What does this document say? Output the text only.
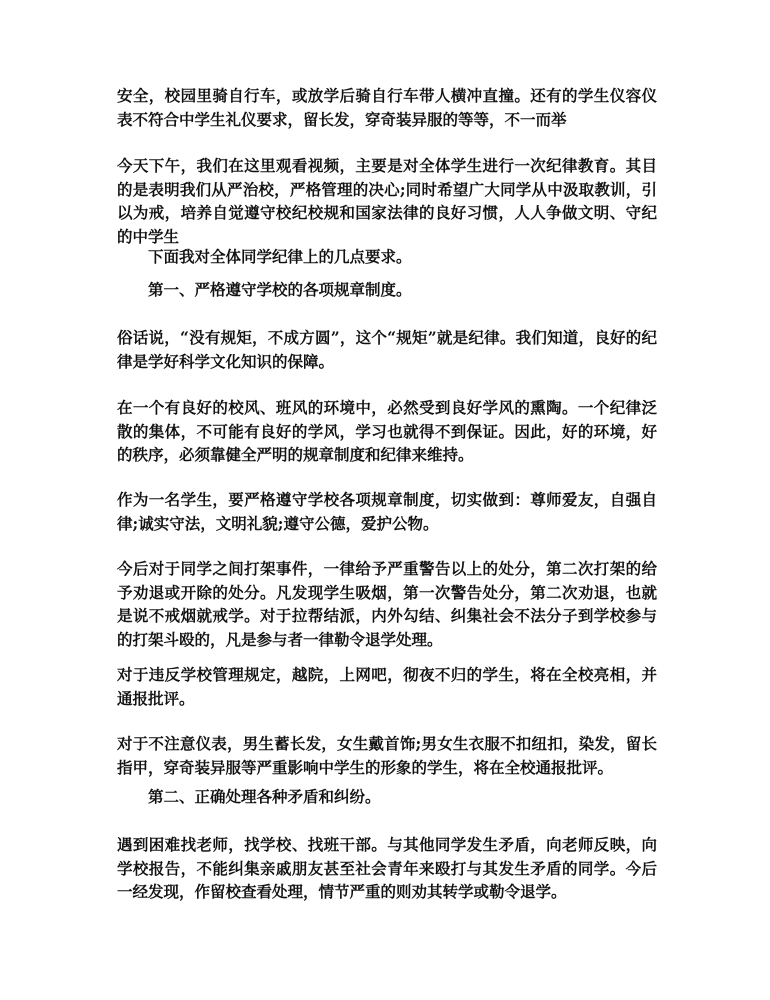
安全，校园里骑自行车，或放学后骑自行车带人横冲直撞。还有的学生仪容仪表不符合中学生礼仪要求，留长发，穿奇装异服的等等，不一而举

今天下午，我们在这里观看视频，主要是对全体学生进行一次纪律教育。其目的是表明我们从严治校，严格管理的决心;同时希望广大同学从中汲取教训，引以为戒，培养自觉遵守校纪校规和国家法律的良好习惯，人人争做文明、守纪的中学生

下面我对全体同学纪律上的几点要求。

第一、严格遵守学校的各项规章制度。

俗话说，“没有规矩，不成方圆”，这个“规矩”就是纪律。我们知道，良好的纪律是学好科学文化知识的保障。

在一个有良好的校风、班风的环境中，必然受到良好学风的熏陶。一个纪律泛散的集体，不可能有良好的学风，学习也就得不到保证。因此，好的环境，好的秩序，必须靠健全严明的规章制度和纪律来维持。

作为一名学生，要严格遵守学校各项规章制度，切实做到：尊师爱友，自强自律;诚实守法，文明礼貌;遵守公德，爱护公物。

今后对于同学之间打架事件，一律给予严重警告以上的处分，第二次打架的给予劝退或开除的处分。凡发现学生吸烟，第一次警告处分，第二次劝退，也就是说不戒烟就戒学。对于拉帮结派，内外勾结、纠集社会不法分子到学校参与的打架斗殴的，凡是参与者一律勒令退学处理。

对于违反学校管理规定，越院，上网吧，彻夜不归的学生，将在全校亮相，并通报批评。

对于不注意仪表，男生蓄长发，女生戴首饰;男女生衣服不扣纽扣，染发，留长指甲，穿奇装异服等严重影响中学生的形象的学生，将在全校通报批评。

第二、正确处理各种矛盾和纠纷。

遇到困难找老师，找学校、找班干部。与其他同学发生矛盾，向老师反映，向学校报告，不能纠集亲戚朋友甚至社会青年来殴打与其发生矛盾的同学。今后一经发现，作留校查看处理，情节严重的则劝其转学或勒令退学。
